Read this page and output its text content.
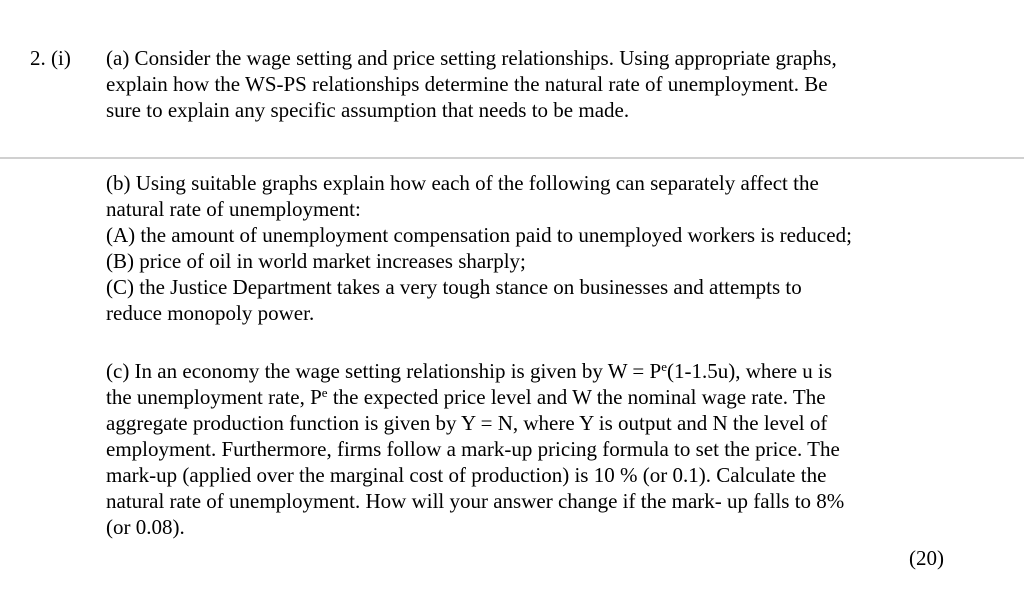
2. (i) (a) Consider the wage setting and price setting relationships. Using appropriate graphs,
explain how the WS-PS relationships determine the natural rate of unemployment. Be
sure to explain any specific assumption that needs to be made.
(b) Using suitable graphs explain how each of the following can separately affect the
natural rate of unemployment:
(A) the amount of unemployment compensation paid to unemployed workers is reduced;
(B) price of oil in world market increases sharply;
(C) the Justice Department takes a very tough stance on businesses and attempts to
reduce monopoly power.
(c) In an economy the wage setting relationship is given by $W = P^e(1-1.5u)$, where u is
the unemployment rate, $P^e$ the expected price level and W the nominal wage rate. The
aggregate production function is given by Y = N, where Y is output and N the level of
employment. Furthermore, firms follow a mark-up pricing formula to set the price. The
mark-up (applied over the marginal cost of production) is 10 % (or 0.1). Calculate the
natural rate of unemployment. How will your answer change if the mark- up falls to 8%
(or 0.08).
(20)
